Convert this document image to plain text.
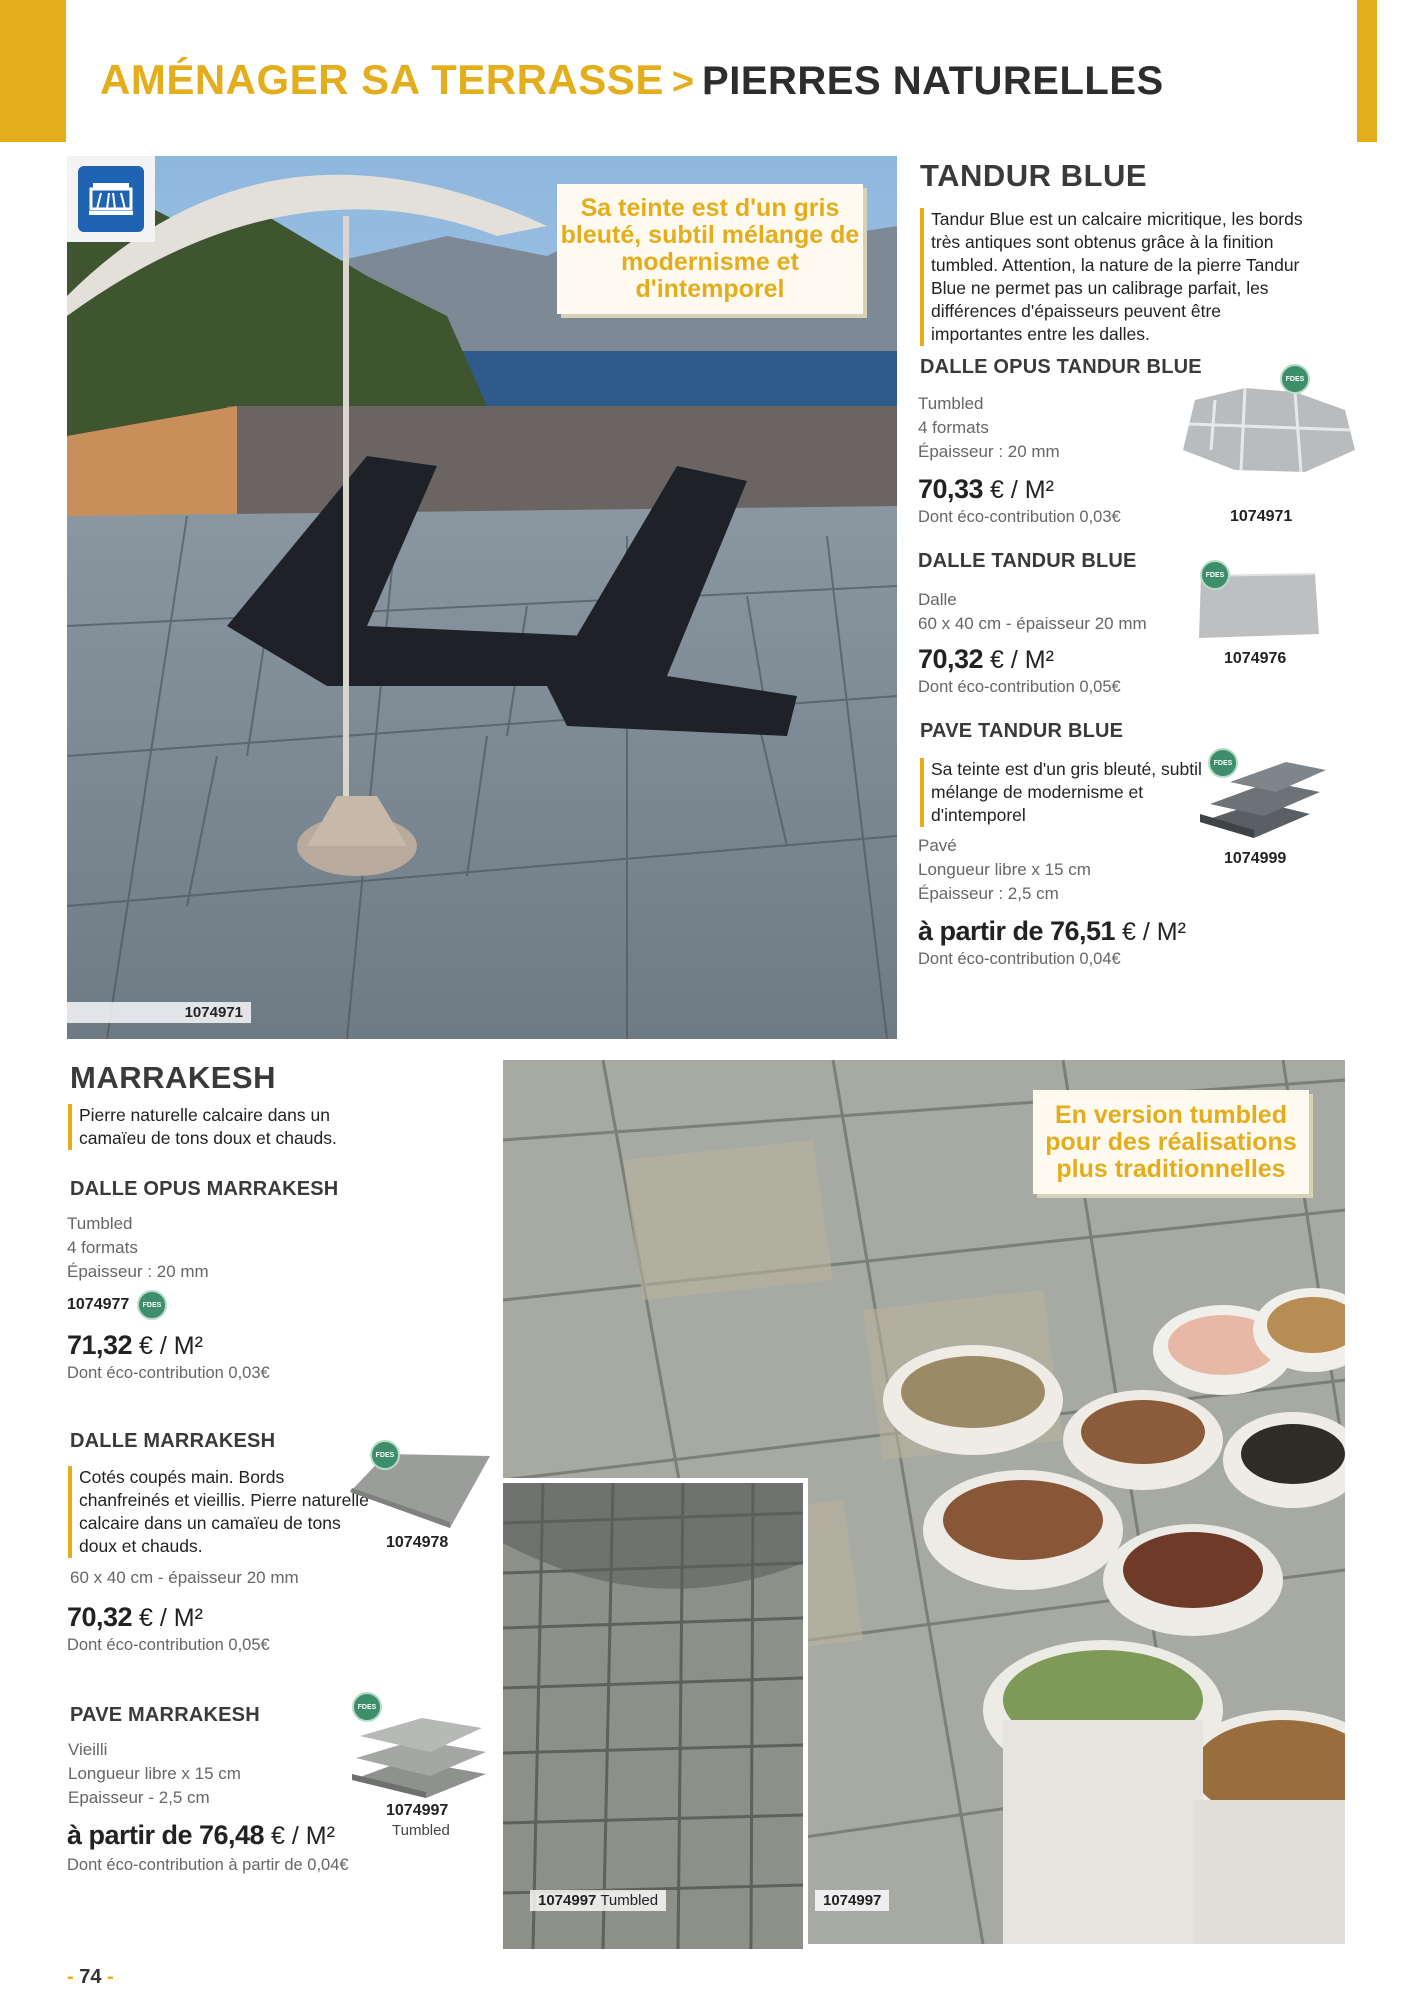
AMÉNAGER SA TERRASSE > PIERRES NATURELLES
Sa teinte est d'un gris bleuté, subtil mélange de modernisme et d'intemporel
1074971
TANDUR BLUE
Tandur Blue est un calcaire micritique, les bords très antiques sont obtenus grâce à la finition tumbled. Attention, la nature de la pierre Tandur Blue ne permet pas un calibrage parfait, les différences d'épaisseurs peuvent être importantes entre les dalles.
DALLE OPUS TANDUR BLUE
Tumbled
4 formats
Épaisseur : 20 mm
70,33 € / M²
Dont éco-contribution 0,03€
FDES
1074971
DALLE TANDUR BLUE
Dalle
60 x 40 cm - épaisseur 20 mm
70,32 € / M²
Dont éco-contribution 0,05€
FDES
1074976
PAVE TANDUR BLUE
Sa teinte est d'un gris bleuté, subtil mélange de modernisme et d'intemporel
Pavé
Longueur libre x 15 cm
Épaisseur : 2,5 cm
à partir de 76,51 € / M²
Dont éco-contribution 0,04€
FDES
1074999
MARRAKESH
Pierre naturelle calcaire dans un camaïeu de tons doux et chauds.
DALLE OPUS MARRAKESH
Tumbled
4 formats
Épaisseur : 20 mm
1074977	FDES
71,32 € / M²
Dont éco-contribution 0,03€
DALLE MARRAKESH
Cotés coupés main. Bords chanfreinés et vieillis. Pierre naturelle calcaire dans un camaïeu de tons doux et chauds.
60 x 40 cm - épaisseur 20 mm
70,32 € / M²
Dont éco-contribution 0,05€
FDES
1074978
PAVE MARRAKESH
Vieilli
Longueur libre x 15 cm
Epaisseur - 2,5 cm
à partir de 76,48 € / M²
Dont éco-contribution à partir de 0,04€
FDES
1074997
Tumbled
En version tumbled pour des réalisations plus traditionnelles
1074997 Tumbled	1074997
- 74 -
